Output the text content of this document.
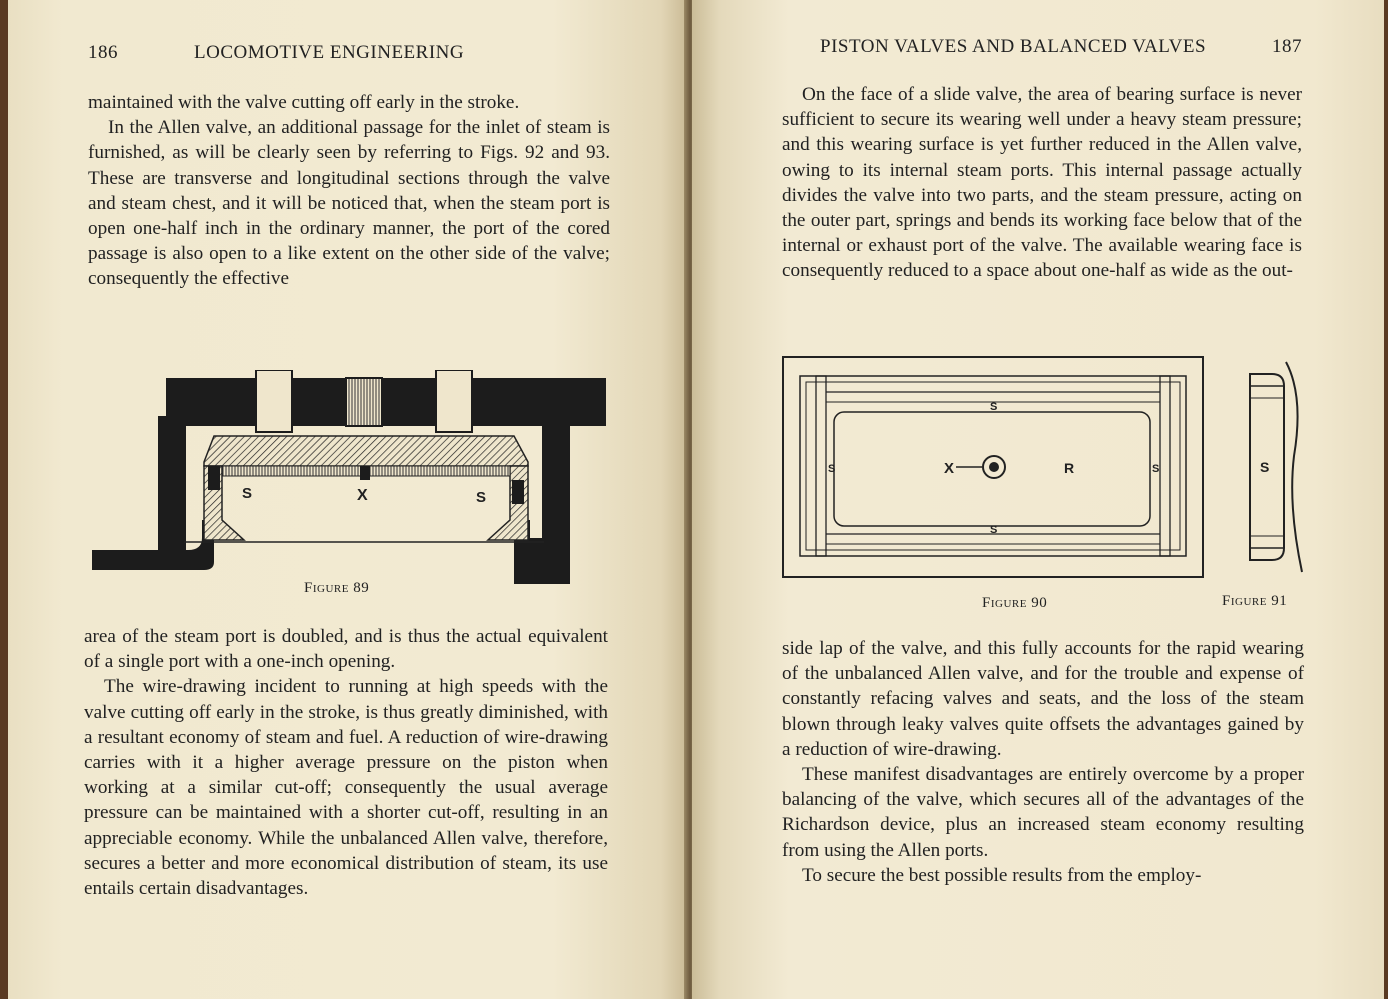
186	LOCOMOTIVE ENGINEERING

maintained with the valve cutting off early in the stroke.

In the Allen valve, an additional passage for the inlet of steam is furnished, as will be clearly seen by referring to Figs. 92 and 93. These are transverse and longitudinal sections through the valve and steam chest, and it will be noticed that, when the steam port is open one-half inch in the ordinary manner, the port of the cored passage is also open to a like extent on the other side of the valve; consequently the effective

S	X	S
Figure 89

area of the steam port is doubled, and is thus the actual equivalent of a single port with a one-inch opening.

The wire-drawing incident to running at high speeds with the valve cutting off early in the stroke, is thus greatly diminished, with a resultant economy of steam and fuel. A reduction of wire-drawing carries with it a higher average pressure on the piston when working at a similar cut-off; consequently the usual average pressure can be maintained with a shorter cut-off, resulting in an appreciable economy. While the unbalanced Allen valve, therefore, secures a better and more economical distribution of steam, its use entails certain disadvantages.

PISTON VALVES AND BALANCED VALVES	187

On the face of a slide valve, the area of bearing surface is never sufficient to secure its wearing well under a heavy steam pressure; and this wearing surface is yet further reduced in the Allen valve, owing to its internal steam ports. This internal passage actually divides the valve into two parts, and the steam pressure, acting on the outer part, springs and bends its working face below that of the internal or exhaust port of the valve. The available wearing face is consequently reduced to a space about one-half as wide as the out-

S
S
S	S
X	R	S
Figure 90	Figure 91

side lap of the valve, and this fully accounts for the rapid wearing of the unbalanced Allen valve, and for the trouble and expense of constantly refacing valves and seats, and the loss of the steam blown through leaky valves quite offsets the advantages gained by a reduction of wire-drawing.

These manifest disadvantages are entirely overcome by a proper balancing of the valve, which secures all of the advantages of the Richardson device, plus an increased steam economy resulting from using the Allen ports.

To secure the best possible results from the employ-
